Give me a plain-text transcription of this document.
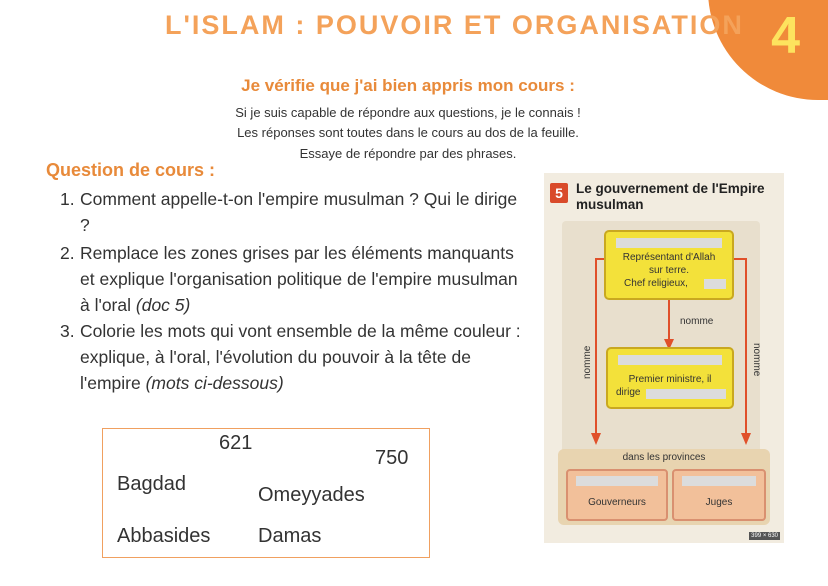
4
L'ISLAM : POUVOIR ET ORGANISATION
Je vérifie que j'ai bien appris mon cours :
Si je suis capable de répondre aux questions, je le connais !
Les réponses sont toutes dans le cours au dos de la feuille.
Essaye de répondre par des phrases.
Question de cours :
1. Comment appelle-t-on l'empire musulman ? Qui le dirige ?
2. Remplace les zones grises par les éléments manquants et explique l'organisation politique de l'empire musulman à l'oral (doc 5)
3. Colorie les mots qui vont ensemble de la même couleur : explique, à l'oral, l'évolution du pouvoir à la tête de l'empire (mots ci-dessous)
621
750
Bagdad	Omeyyades
Abbasides Damas
5 Le gouvernement de l'Empire musulman
Représentant d'Allah
sur terre.
Chef religieux,
nomme
nomme	nomme
Premier ministre, il
dirige
dans les provinces
Gouverneurs	Juges
399 × 630
